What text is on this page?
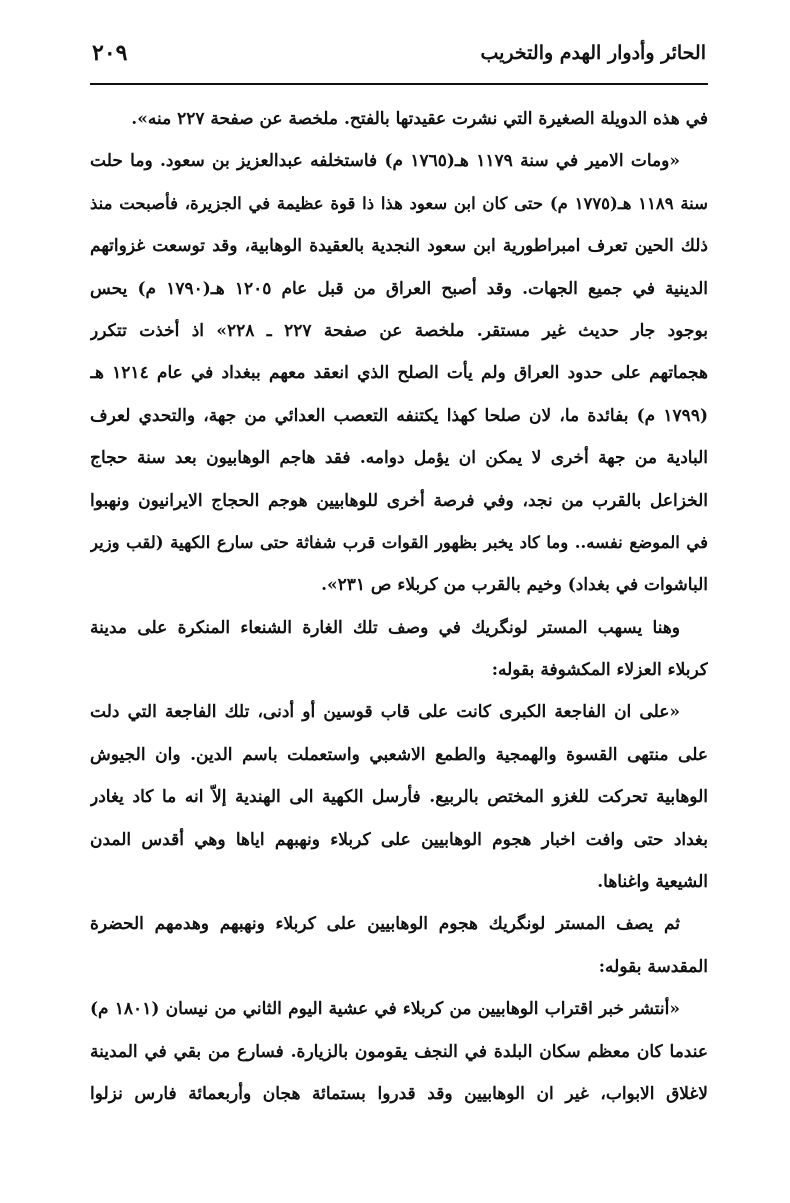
الحائر وأدوار الهدم والتخريب
٢٠٩
في هذه الدويلة الصغيرة التي نشرت عقيدتها بالفتح. ملخصة عن صفحة ٢٢٧ منه».
«ومات الامير في سنة ١١٧٩ هـ(١٧٦٥ م) فاستخلفه عبدالعزيز بن سعود. وما حلت
سنة ١١٨٩ هـ(١٧٧٥ م) حتى كان ابن سعود هذا ذا قوة عظيمة في الجزيرة، فأصبحت منذ
ذلك الحين تعرف امبراطورية ابن سعود النجدية بالعقيدة الوهابية، وقد توسعت غزواتهم
الدينية في جميع الجهات. وقد أصبح العراق من قبل عام ١٢٠٥ هـ(١٧٩٠ م) يحس
بوجود جار حديث غير مستقر. ملخصة عن صفحة ٢٢٧ ـ ٢٢٨» اذ أخذت تتكرر
هجماتهم على حدود العراق ولم يأت الصلح الذي انعقد معهم ببغداد في عام ١٢١٤ هـ
(١٧٩٩ م) بفائدة ما، لان صلحا كهذا يكتنفه التعصب العدائي من جهة، والتحدي لعرف
البادية من جهة أخرى لا يمكن ان يؤمل دوامه. فقد هاجم الوهابيون بعد سنة حجاج
الخزاعل بالقرب من نجد، وفي فرصة أخرى للوهابيين هوجم الحجاج الايرانيون ونهبوا
في الموضع نفسه.. وما كاد يخبر بظهور القوات قرب شفاثة حتى سارع الكهية (لقب وزير
الباشوات في بغداد) وخيم بالقرب من كربلاء ص ٢٣١».
وهنا يسهب المستر لونگريك في وصف تلك الغارة الشنعاء المنكرة على مدينة
كربلاء العزلاء المكشوفة بقوله:
«على ان الفاجعة الكبرى كانت على قاب قوسين أو أدنى، تلك الفاجعة التي دلت
على منتهى القسوة والهمجية والطمع الاشعبي واستعملت باسم الدين. وان الجيوش
الوهابية تحركت للغزو المختص بالربيع. فأرسل الكهية الى الهندية إلاّ انه ما كاد يغادر
بغداد حتى وافت اخبار هجوم الوهابيين على كربلاء ونهبهم اياها وهي أقدس المدن
الشيعية واغناها.
ثم يصف المستر لونگريك هجوم الوهابيين على كربلاء ونهبهم وهدمهم الحضرة
المقدسة بقوله:
«أنتشر خبر اقتراب الوهابيين من كربلاء في عشية اليوم الثاني من نيسان (١٨٠١ م)
عندما كان معظم سكان البلدة في النجف يقومون بالزيارة. فسارع من بقي في المدينة
لاغلاق الابواب، غير ان الوهابيين وقد قدروا بستمائة هجان وأربعمائة فارس نزلوا
